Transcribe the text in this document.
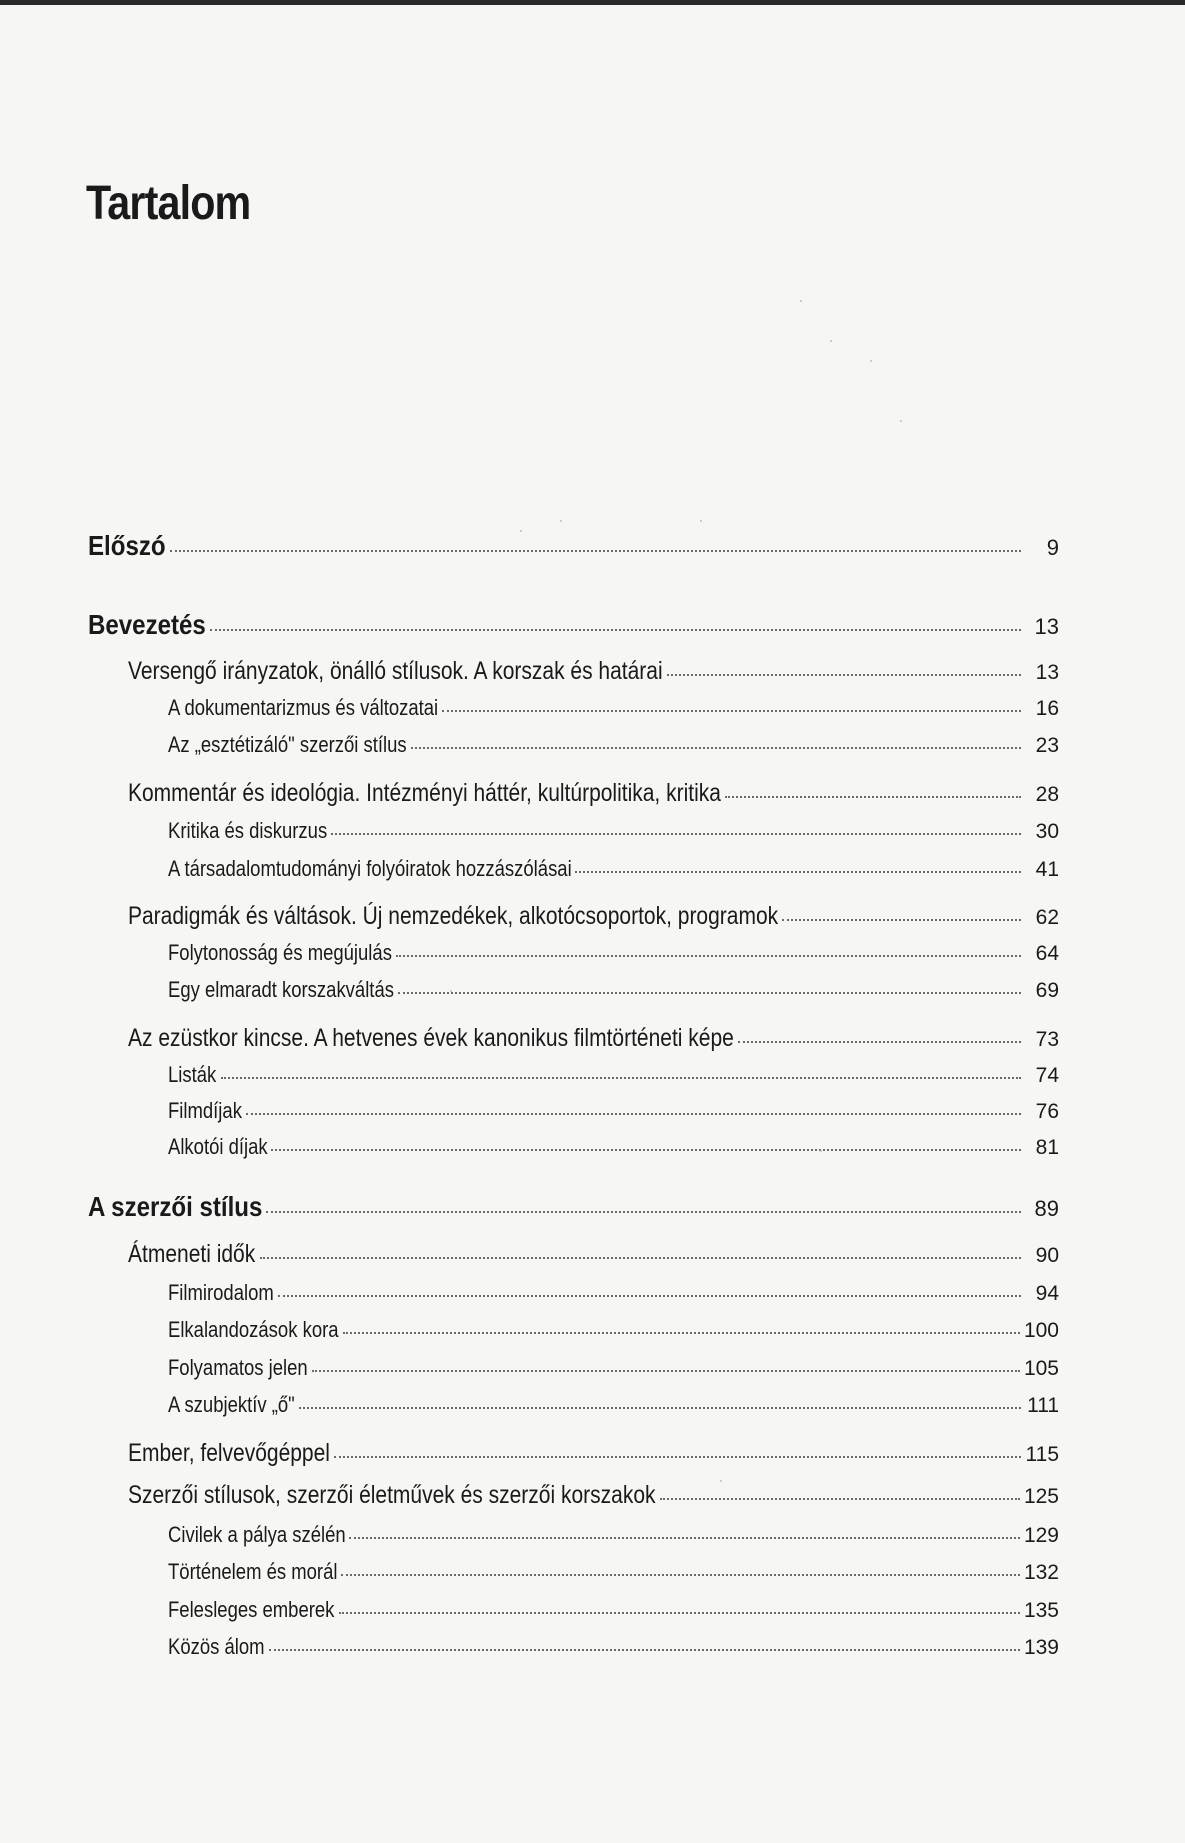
Tartalom
Előszó	9
Bevezetés	13
Versengő irányzatok, önálló stílusok. A korszak és határai	13
A dokumentarizmus és változatai	16
Az „esztétizáló" szerzői stílus	23
Kommentár és ideológia. Intézményi háttér, kultúrpolitika, kritika	28
Kritika és diskurzus	30
A társadalomtudományi folyóiratok hozzászólásai	41
Paradigmák és váltások. Új nemzedékek, alkotócsoportok, programok	62
Folytonosság és megújulás	64
Egy elmaradt korszakváltás	69
Az ezüstkor kincse. A hetvenes évek kanonikus filmtörténeti képe	73
Listák	74
Filmdíjak	76
Alkotói díjak	81
A szerzői stílus	89
Átmeneti idők	90
Filmirodalom	94
Elkalandozások kora	100
Folyamatos jelen	105
A szubjektív „ő"	111
Ember, felvevőgéppel	115
Szerzői stílusok, szerzői életművek és szerzői korszakok	125
Civilek a pálya szélén	129
Történelem és morál	132
Felesleges emberek	135
Közös álom	139
